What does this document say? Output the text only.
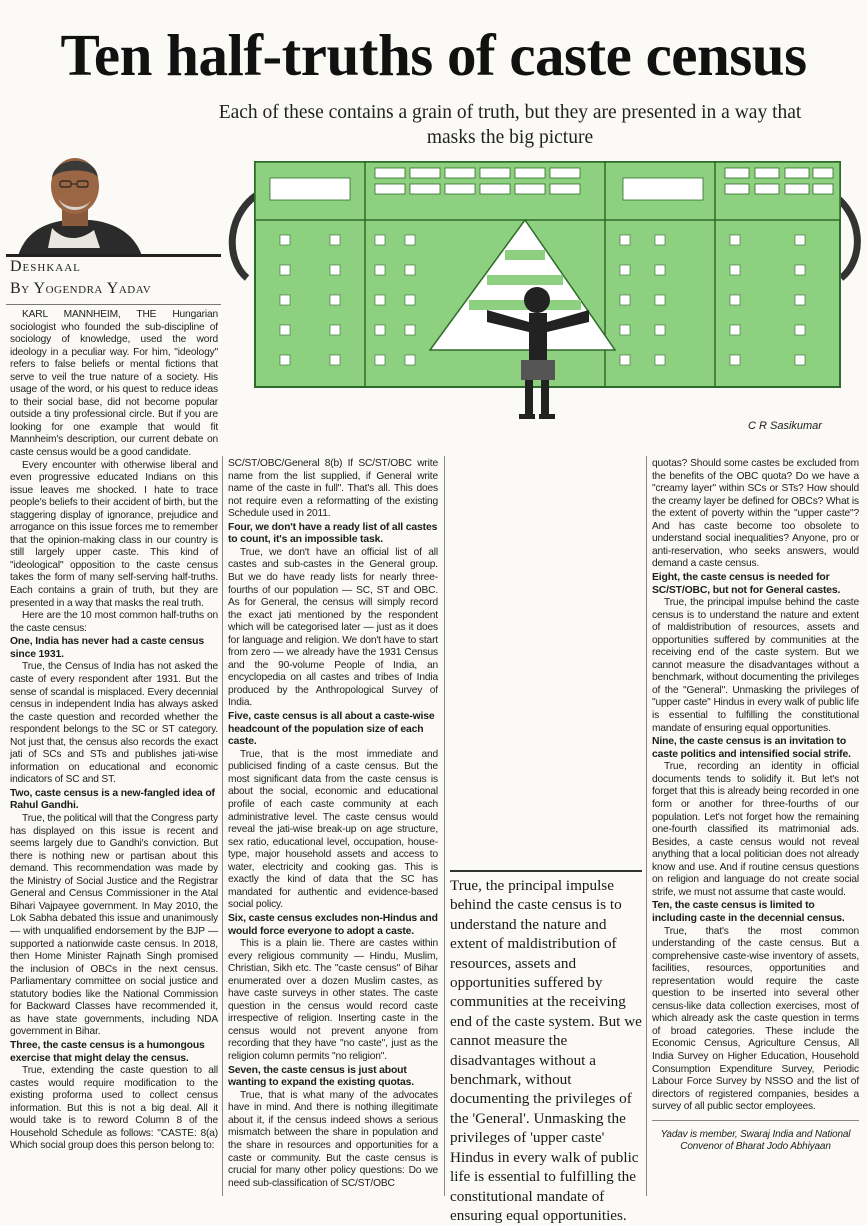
Ten half-truths of caste census
Each of these contains a grain of truth, but they are presented in a way that masks the big picture
Deshkaal
By Yogendra Yadav
C R Sasikumar

KARL MANNHEIM, THE Hungarian sociologist who founded the sub-discipline of sociology of knowledge, used the word ideology in a peculiar way. For him, "ideology" refers to false beliefs or mental fictions that serve to veil the true nature of a society. His usage of the word, or his quest to reduce ideas to their social base, did not become popular outside a tiny professional circle. But if you are looking for one example that would fit Mannheim's description, our current debate on caste census would be a good candidate.

Every encounter with otherwise liberal and even progressive educated Indians on this issue leaves me shocked. I hate to trace people's beliefs to their accident of birth, but the staggering display of ignorance, prejudice and arrogance on this issue forces me to remember that the opinion-making class in our country is still largely upper caste. This kind of "ideological" opposition to the caste census takes the form of many self-serving half-truths. Each contains a grain of truth, but they are presented in a way that masks the real truth.

Here are the 10 most common half-truths on the caste census:

One, India has never had a caste census since 1931.

True, the Census of India has not asked the caste of every respondent after 1931. But the sense of scandal is misplaced. Every decennial census in independent India has always asked the caste question and recorded whether the respondent belongs to the SC or ST category. Not just that, the census also records the exact jati of SCs and STs and publishes jati-wise information on educational and economic indicators of SC and ST.

Two, caste census is a new-fangled idea of Rahul Gandhi.

True, the political will that the Congress party has displayed on this issue is recent and seems largely due to Gandhi's conviction. But there is nothing new or partisan about this demand. This recommendation was made by the Ministry of Social Justice and the Registrar General and Census Commissioner in the Atal Bihari Vajpayee government. In May 2010, the Lok Sabha debated this issue and unanimously — with unqualified endorsement by the BJP — supported a nationwide caste census. In 2018, then Home Minister Rajnath Singh promised the inclusion of OBCs in the next census. Parliamentary committee on social justice and statutory bodies like the National Commission for Backward Classes have recommended it, as have state governments, including NDA government in Bihar.

Three, the caste census is a humongous exercise that might delay the census.

True, extending the caste question to all castes would require modification to the existing proforma used to collect census information. But this is not a big deal. All it would take is to reword Column 8 of the Household Schedule as follows: "CASTE: 8(a) Which social group does this person belong to:

SC/ST/OBC/General 8(b) If SC/ST/OBC write name from the list supplied, if General write name of the caste in full". That's all. This does not require even a reformatting of the existing Schedule used in 2011.

Four, we don't have a ready list of all castes to count, it's an impossible task.

True, we don't have an official list of all castes and sub-castes in the General group. But we do have ready lists for nearly three-fourths of our population — SC, ST and OBC. As for General, the census will simply record the exact jati mentioned by the respondent which will be categorised later — just as it does for language and religion. We don't have to start from zero — we already have the 1931 Census and the 90-volume People of India, an encyclopedia on all castes and tribes of India produced by the Anthropological Survey of India.

Five, caste census is all about a caste-wise headcount of the population size of each caste.

True, that is the most immediate and publicised finding of a caste census. But the most significant data from the caste census is about the social, economic and educational profile of each caste community at each administrative level. The caste census would reveal the jati-wise break-up on age structure, sex ratio, educational level, occupation, house-type, major household assets and access to water, electricity and cooking gas. This is exactly the kind of data that the SC has mandated for authentic and evidence-based social policy.

Six, caste census excludes non-Hindus and would force everyone to adopt a caste.

This is a plain lie. There are castes within every religious community — Hindu, Muslim, Christian, Sikh etc. The "caste census" of Bihar enumerated over a dozen Muslim castes, as have caste surveys in other states. The caste question in the census would record caste irrespective of religion. Inserting caste in the census would not prevent anyone from recording that they have "no caste", just as the religion column permits "no religion".

Seven, the caste census is just about wanting to expand the existing quotas.

True, that is what many of the advocates have in mind. And there is nothing illegitimate about it, if the census indeed shows a serious mismatch between the share in population and the share in resources and opportunities for a caste or community. But the caste census is crucial for many other policy questions: Do we need sub-classification of SC/ST/OBC

True, the principal impulse behind the caste census is to understand the nature and extent of maldistribution of resources, assets and opportunities suffered by communities at the receiving end of the caste system. But we cannot measure the disadvantages without a benchmark, without documenting the privileges of the 'General'. Unmasking the privileges of 'upper caste' Hindus in every walk of public life is essential to fulfilling the constitutional mandate of ensuring equal opportunities.

quotas? Should some castes be excluded from the benefits of the OBC quota? Do we have a "creamy layer" within SCs or STs? How should the creamy layer be defined for OBCs? What is the extent of poverty within the "upper caste"? And has caste become too obsolete to understand social inequalities? Anyone, pro or anti-reservation, who seeks answers, would demand a caste census.

Eight, the caste census is needed for SC/ST/OBC, but not for General castes.

True, the principal impulse behind the caste census is to understand the nature and extent of maldistribution of resources, assets and opportunities suffered by communities at the receiving end of the caste system. But we cannot measure the disadvantages without a benchmark, without documenting the privileges of the "General". Unmasking the privileges of "upper caste" Hindus in every walk of public life is essential to fulfilling the constitutional mandate of ensuring equal opportunities.

Nine, the caste census is an invitation to caste politics and intensified social strife.

True, recording an identity in official documents tends to solidify it. But let's not forget that this is already being recorded in one form or another for three-fourths of our population. Let's not forget how the remaining one-fourth classified its matrimonial ads. Besides, a caste census would not reveal anything that a local politician does not already know and use. And if routine census questions on religion and language do not create social strife, we must not assume that caste would.

Ten, the caste census is limited to including caste in the decennial census.

True, that's the most common understanding of the caste census. But a comprehensive caste-wise inventory of assets, facilities, resources, opportunities and representation would require the caste question to be inserted into several other census-like data collection exercises, most of which already ask the caste question in terms of broad categories. These include the Economic Census, Agriculture Census, All India Survey on Higher Education, Household Consumption Expenditure Survey, Periodic Labour Force Survey by NSSO and the list of directors of registered companies, besides a survey of all public sector employees.

Yadav is member, Swaraj India and National Convenor of Bharat Jodo Abhiyaan
